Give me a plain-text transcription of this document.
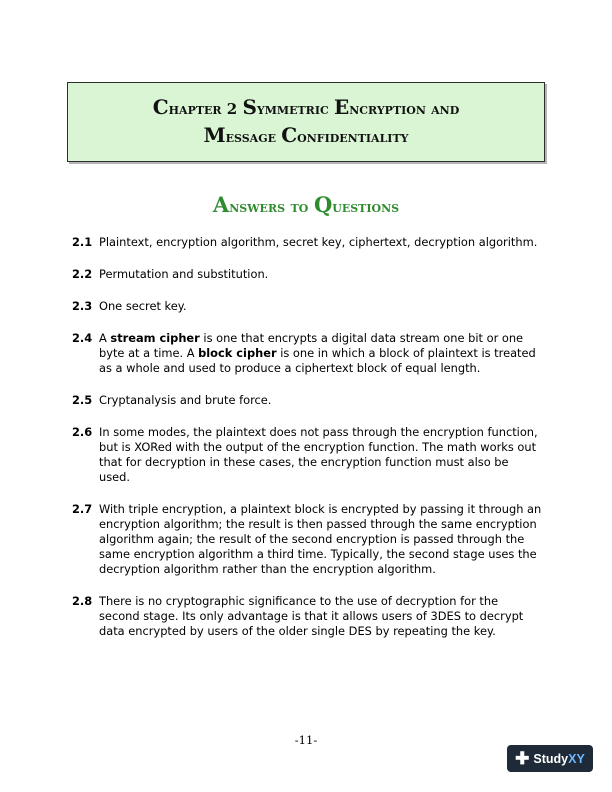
Chapter 2 Symmetric Encryption and
Message Confidentiality
Answers to Questions
2.1 Plaintext, encryption algorithm, secret key, ciphertext, decryption algorithm.
2.2 Permutation and substitution.
2.3 One secret key.
2.4 A stream cipher is one that encrypts a digital data stream one bit or one byte at a time. A block cipher is one in which a block of plaintext is treated as a whole and used to produce a ciphertext block of equal length.
2.5 Cryptanalysis and brute force.
2.6 In some modes, the plaintext does not pass through the encryption function, but is XORed with the output of the encryption function. The math works out that for decryption in these cases, the encryption function must also be used.
2.7 With triple encryption, a plaintext block is encrypted by passing it through an encryption algorithm; the result is then passed through the same encryption algorithm again; the result of the second encryption is passed through the same encryption algorithm a third time. Typically, the second stage uses the decryption algorithm rather than the encryption algorithm.
2.8 There is no cryptographic significance to the use of decryption for the second stage. Its only advantage is that it allows users of 3DES to decrypt data encrypted by users of the older single DES by repeating the key.
-11-
✚ Study XY
